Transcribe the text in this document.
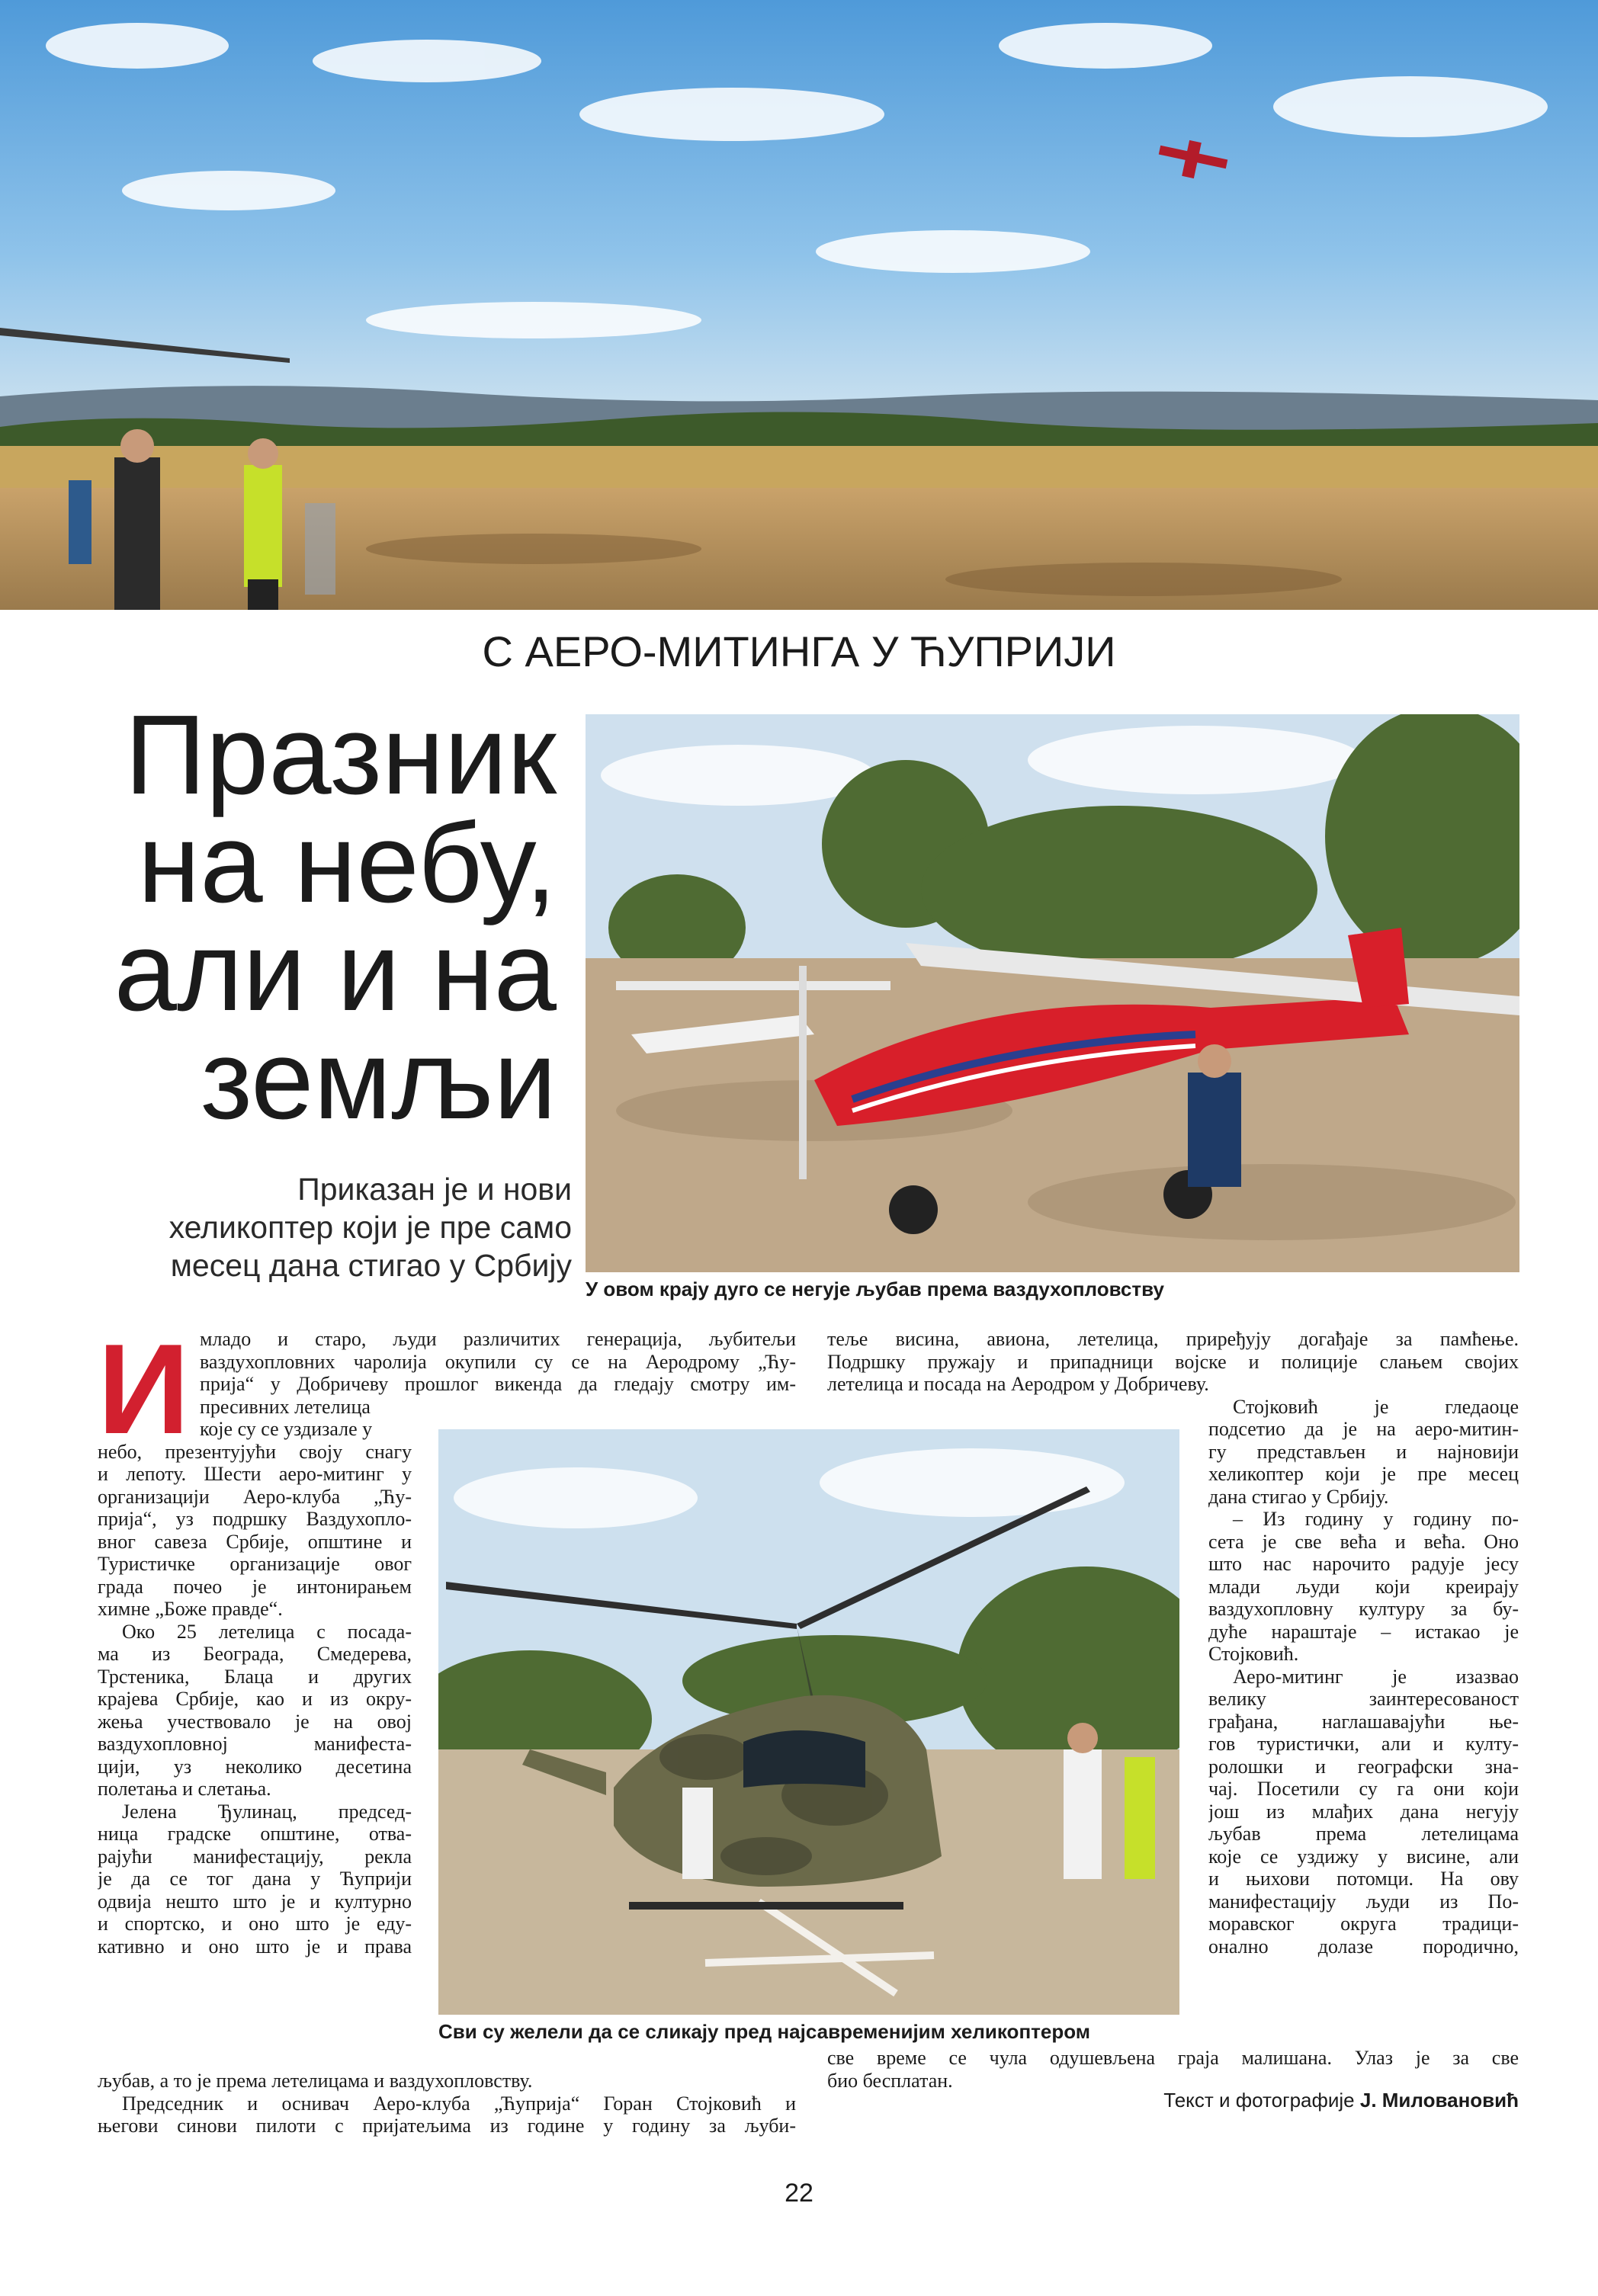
С АЕРО-МИТИНГА У ЋУПРИЈИ
Празник
на небу,
али и на
земљи
Приказан је и нови
хеликоптер који је пре само
месец дана стигао у Србију
У овом крају дуго се негује љубав према ваздухопловству
И млaдо и старо, људи различитих генерација, љубитељи
ваздухопловних чаролија окупили су се на Аеродрому „Ћу-
прија“ у Добричеву прошлог викенда да гледају смотру им-
пресивних летелица
које су се уздизале у
небо, презентујући своју снагу
и лепоту. Шести аеро-митинг у
организацији Аеро-клуба „Ћу-
прија“, уз подршку Ваздухопло-
вног савеза Србије, општине и
Туристичке организације овог
града почео је интонирањем
химне „Боже правде“.
Око 25 летелица с посада-
ма из Београда, Смедерева,
Трстеника, Блаца и других
крајева Србије, као и из окру-
жења учествовало је на овој
ваздухопловној манифеста-
цији, уз неколико десетина
полетања и слетања.
Јелена Ђулинац, председ-
ница градске општине, отва-
рајући манифестацију, рекла
је да се тог дана у Ћуприји
одвија нешто што је и културно
и спортско, и оно што је еду-
кативно и оно што је и права
љубав, а то је према летелицама и ваздухопловству.
Председник и оснивач Аеро-клуба „Ћуприја“ Горан Стојковић и
његови синови пилоти с пријатељима из године у годину за љуби-
теље висина, авиона, летелица, приређују догађаје за памћење.
Подршку пружају и припадници војске и полиције слањем својих
летелица и посада на Аеродром у Добричеву.
Стојковић је гледаоце
подсетио да је на аеро-митин-
гу представљен и најновији
хеликоптер који је пре месец
дана стигао у Србију.
– Из годину у годину по-
сета је све већа и већа. Оно
што нас нарочито радује јесу
млади људи који креирају
ваздухопловну културу за бу-
дуће нараштаје – истакао је
Стојковић.
Аеро-митинг је изазвао
велику заинтересованост
грађана, наглашавајући ње-
гов туристички, али и култу-
ролошки и географски зна-
чај. Посетили су га они који
још из млађих дана негују
љубав према летелицама
које се уздижу у висине, али
и њихови потомци. На ову
манифестацију људи из По-
моравског округа традици-
онално долазе породично,
све време се чула одушевљена граја малишана. Улаз је за све
био бесплатан.
Сви су желели да се сликају пред најсавременијим хеликоптером
Текст и фотографије Ј. Миловановић
22
